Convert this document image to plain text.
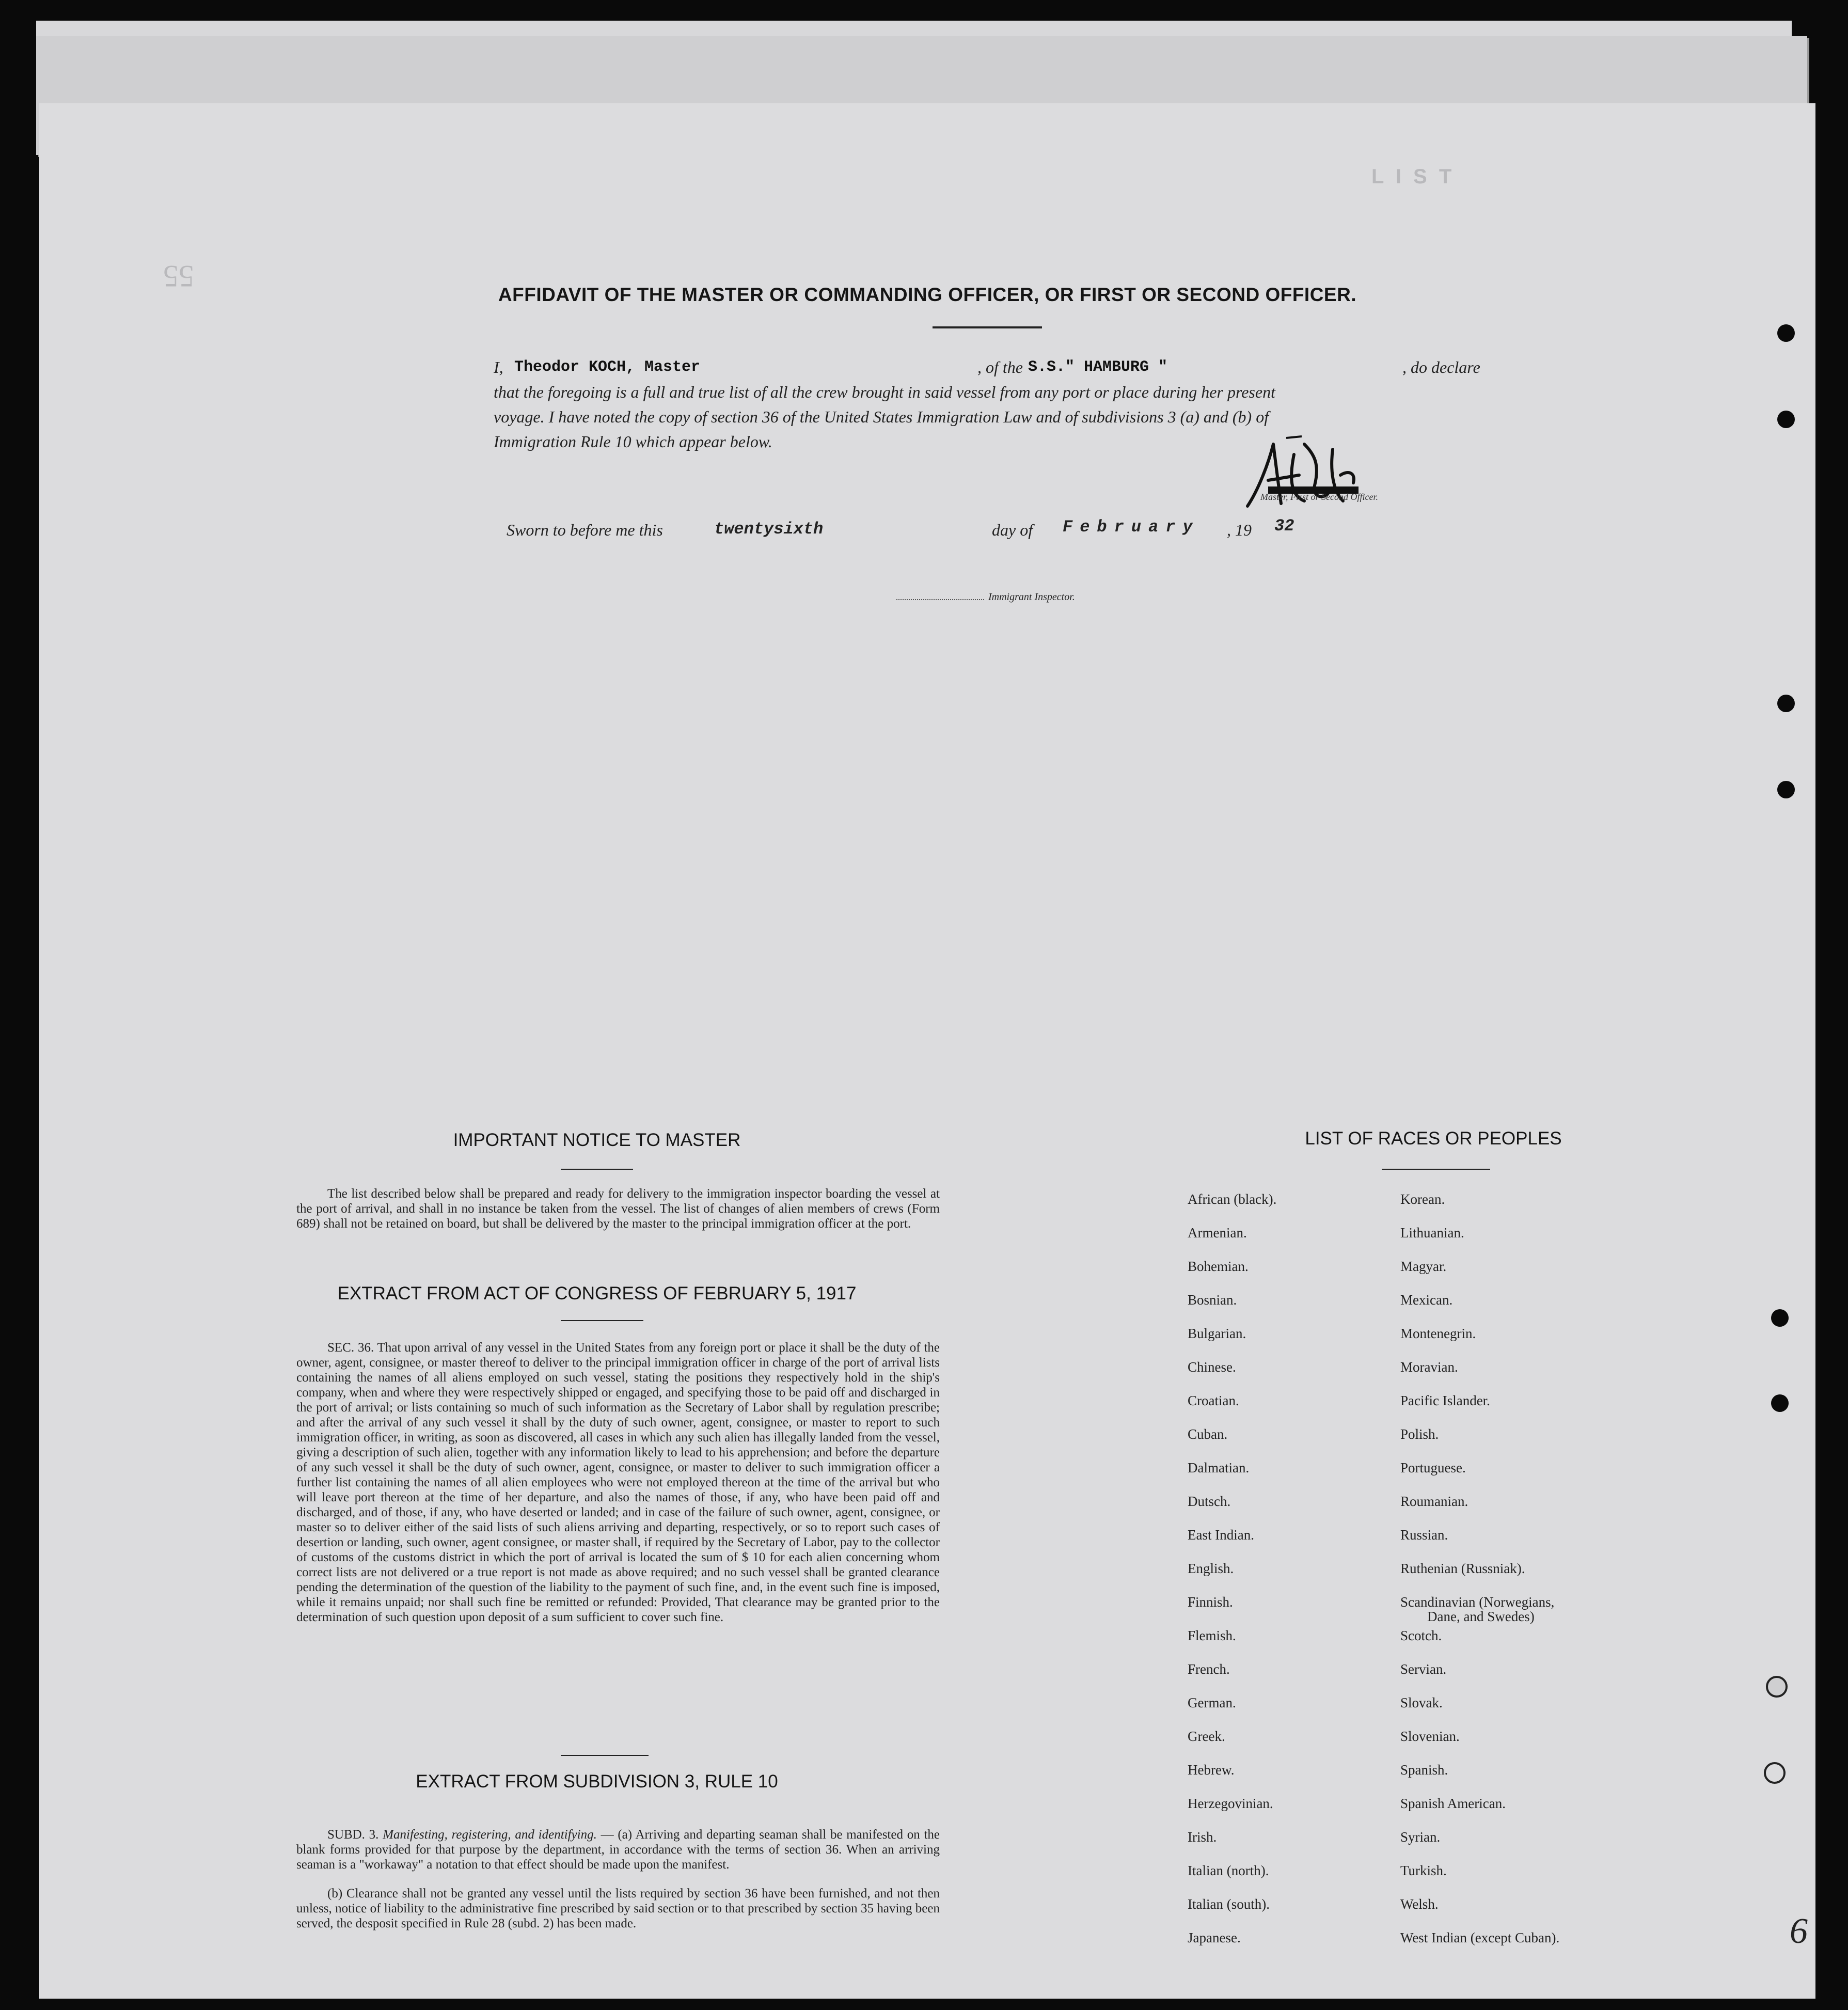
L I S T
55
AFFIDAVIT OF THE MASTER OR COMMANDING OFFICER, OR FIRST OR SECOND OFFICER.
I, Theodor KOCH, Master	, of the S.S." HAMBURG "	, do declare
that the foregoing is a full and true list of all the crew brought in said vessel from any port or place during her present
voyage. I have noted the copy of section 36 of the United States Immigration Law and of subdivisions 3 (a) and (b) of
Immigration Rule 10 which appear below.
Master, First or Second Officer.
Sworn to before me this	twentysixth	day of February , 19 32
Immigrant Inspector.
IMPORTANT NOTICE TO MASTER
The list described below shall be prepared and ready for delivery to the immigration inspector boarding the vessel at the port of arrival, and shall in no instance be taken from the vessel. The list of changes of alien members of crews (Form 689) shall not be retained on board, but shall be delivered by the master to the principal immigration officer at the port.
EXTRACT FROM ACT OF CONGRESS OF FEBRUARY 5, 1917
SEC. 36. That upon arrival of any vessel in the United States from any foreign port or place it shall be the duty of the owner, agent, consignee, or master thereof to deliver to the principal immigration officer in charge of the port of arrival lists containing the names of all aliens employed on such vessel, stating the positions they respectively hold in the ship's company, when and where they were respectively shipped or engaged, and specifying those to be paid off and discharged in the port of arrival; or lists containing so much of such information as the Secretary of Labor shall by regulation prescribe; and after the arrival of any such vessel it shall by the duty of such owner, agent, consignee, or master to report to such immigration officer, in writing, as soon as discovered, all cases in which any such alien has illegally landed from the vessel, giving a description of such alien, together with any information likely to lead to his apprehension; and before the departure of any such vessel it shall be the duty of such owner, agent, consignee, or master to deliver to such immigration officer a further list containing the names of all alien employees who were not employed thereon at the time of the arrival but who will leave port thereon at the time of her departure, and also the names of those, if any, who have been paid off and discharged, and of those, if any, who have deserted or landed; and in case of the failure of such owner, agent, consignee, or master so to deliver either of the said lists of such aliens arriving and departing, respectively, or so to report such cases of desertion or landing, such owner, agent consignee, or master shall, if required by the Secretary of Labor, pay to the collector of customs of the customs district in which the port of arrival is located the sum of $ 10 for each alien concerning whom correct lists are not delivered or a true report is not made as above required; and no such vessel shall be granted clearance pending the determination of the question of the liability to the payment of such fine, and, in the event such fine is imposed, while it remains unpaid; nor shall such fine be remitted or refunded: Provided, That clearance may be granted prior to the determination of such question upon deposit of a sum sufficient to cover such fine.
EXTRACT FROM SUBDIVISION 3, RULE 10
SUBD. 3. Manifesting, registering, and identifying. — (a) Arriving and departing seaman shall be manifested on the blank forms provided for that purpose by the department, in accordance with the terms of section 36. When an arriving seaman is a "workaway" a notation to that effect should be made upon the manifest.
(b) Clearance shall not be granted any vessel until the lists required by section 36 have been furnished, and not then unless, notice of liability to the administrative fine prescribed by said section or to that prescribed by section 35 having been served, the desposit specified in Rule 28 (subd. 2) has been made.
LIST OF RACES OR PEOPLES
African (black).
Armenian.
Bohemian.
Bosnian.
Bulgarian.
Chinese.
Croatian.
Cuban.
Dalmatian.
Dutsch.
East Indian.
English.
Finnish.
Flemish.
French.
German.
Greek.
Hebrew.
Herzegovinian.
Irish.
Italian (north).
Italian (south).
Japanese.
Korean.
Lithuanian.
Magyar.
Mexican.
Montenegrin.
Moravian.
Pacific Islander.
Polish.
Portuguese.
Roumanian.
Russian.
Ruthenian (Russniak).
Scandinavian (Norwegians,
Dane, and Swedes)
Scotch.
Servian.
Slovak.
Slovenian.
Spanish.
Spanish American.
Syrian.
Turkish.
Welsh.
West Indian (except Cuban).	6
